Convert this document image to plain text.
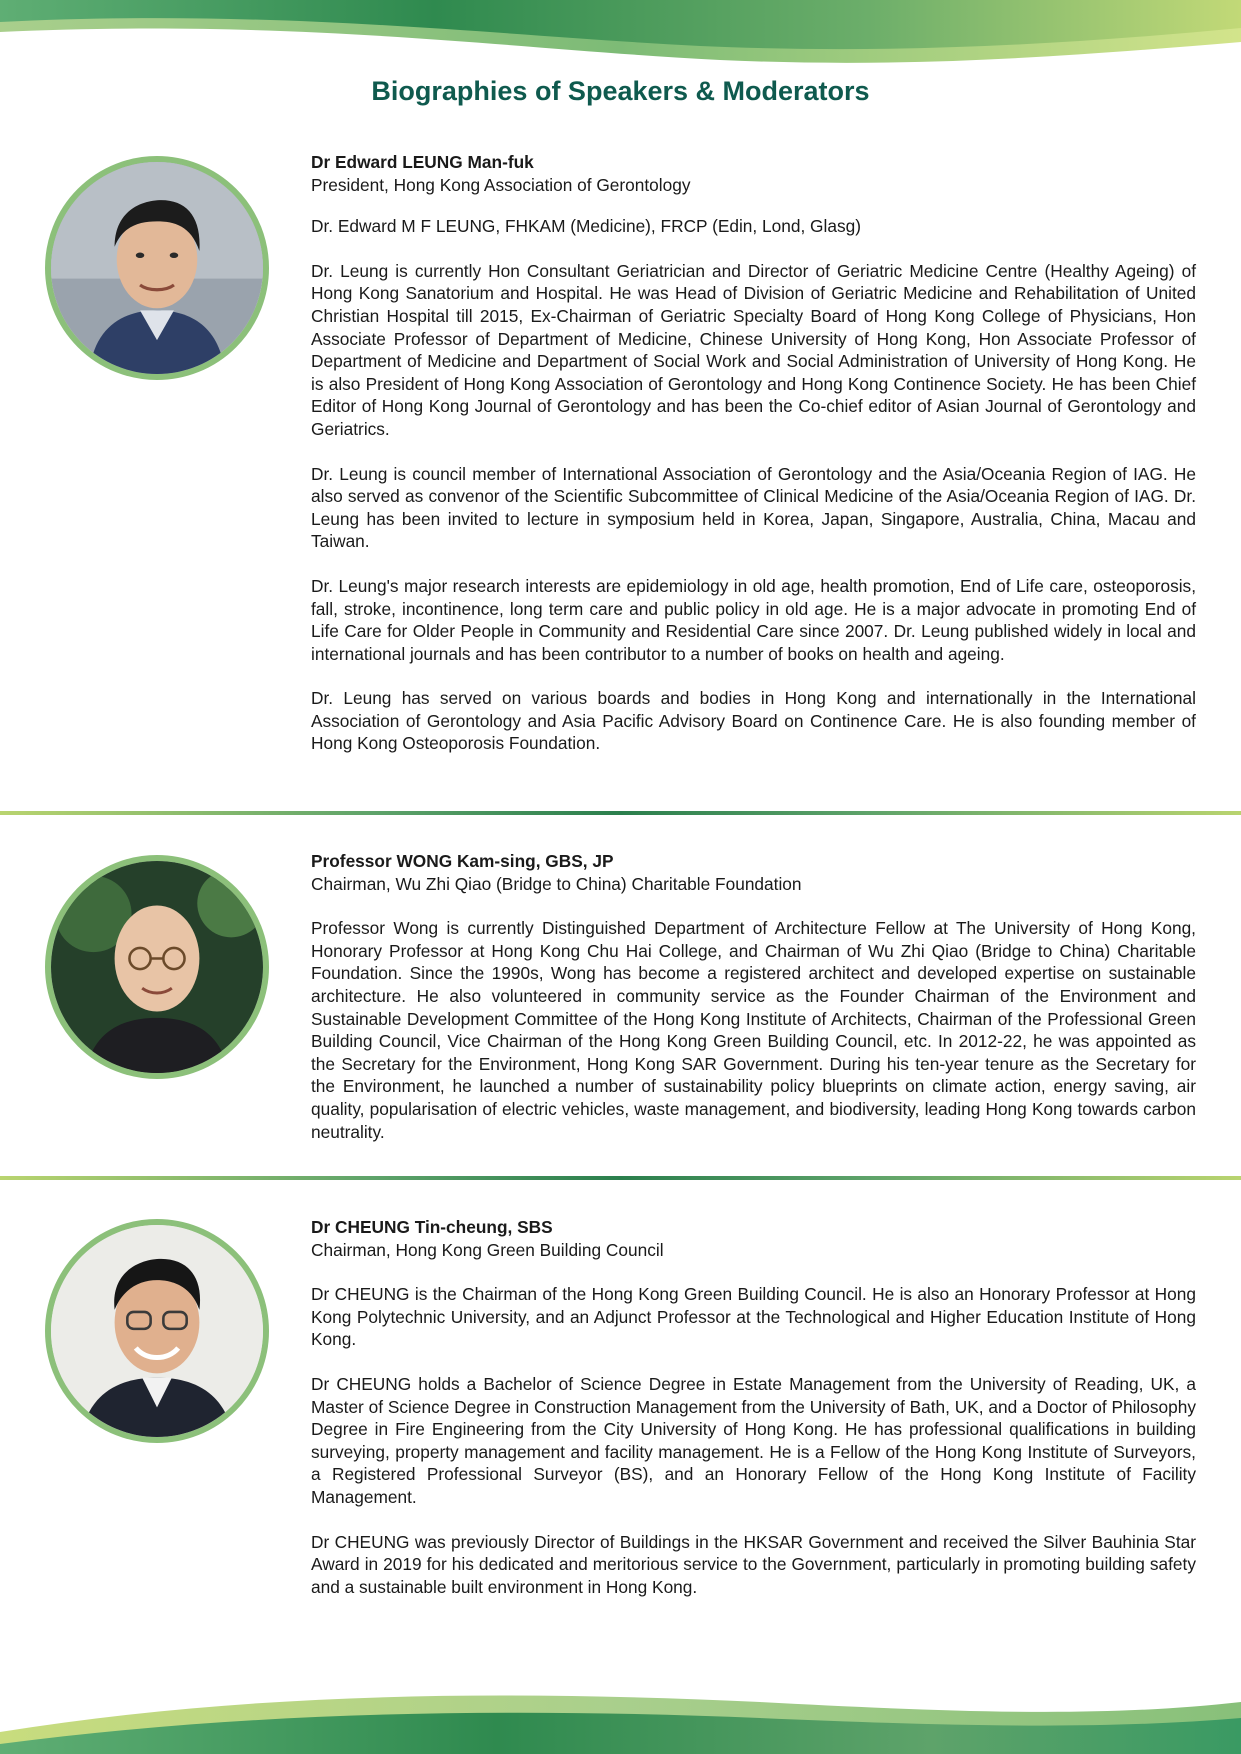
Biographies of Speakers & Moderators

Dr Edward LEUNG Man-fuk

President, Hong Kong Association of Gerontology

Dr. Edward M F LEUNG, FHKAM (Medicine), FRCP (Edin, Lond, Glasg)

Dr. Leung is currently Hon Consultant Geriatrician and Director of Geriatric Medicine Centre (Healthy Ageing) of Hong Kong Sanatorium and Hospital. He was Head of Division of Geriatric Medicine and Rehabilitation of United Christian Hospital till 2015, Ex-Chairman of Geriatric Specialty Board of Hong Kong College of Physicians, Hon Associate Professor of Department of Medicine, Chinese University of Hong Kong, Hon Associate Professor of Department of Medicine and Department of Social Work and Social Administration of University of Hong Kong. He is also President of Hong Kong Association of Gerontology and Hong Kong Continence Society. He has been Chief Editor of Hong Kong Journal of Gerontology and has been the Co-chief editor of Asian Journal of Gerontology and Geriatrics.

Dr. Leung is council member of International Association of Gerontology and the Asia/Oceania Region of IAG. He also served as convenor of the Scientific Subcommittee of Clinical Medicine of the Asia/Oceania Region of IAG. Dr. Leung has been invited to lecture in symposium held in Korea, Japan, Singapore, Australia, China, Macau and Taiwan.

Dr. Leung's major research interests are epidemiology in old age, health promotion, End of Life care, osteoporosis, fall, stroke, incontinence, long term care and public policy in old age. He is a major advocate in promoting End of Life Care for Older People in Community and Residential Care since 2007. Dr. Leung published widely in local and international journals and has been contributor to a number of books on health and ageing.

Dr. Leung has served on various boards and bodies in Hong Kong and internationally in the International Association of Gerontology and Asia Pacific Advisory Board on Continence Care. He is also founding member of Hong Kong Osteoporosis Foundation.

Professor WONG Kam-sing, GBS, JP

Chairman, Wu Zhi Qiao (Bridge to China) Charitable Foundation

Professor Wong is currently Distinguished Department of Architecture Fellow at The University of Hong Kong, Honorary Professor at Hong Kong Chu Hai College, and Chairman of Wu Zhi Qiao (Bridge to China) Charitable Foundation. Since the 1990s, Wong has become a registered architect and developed expertise on sustainable architecture. He also volunteered in community service as the Founder Chairman of the Environment and Sustainable Development Committee of the Hong Kong Institute of Architects, Chairman of the Professional Green Building Council, Vice Chairman of the Hong Kong Green Building Council, etc. In 2012-22, he was appointed as the Secretary for the Environment, Hong Kong SAR Government. During his ten-year tenure as the Secretary for the Environment, he launched a number of sustainability policy blueprints on climate action, energy saving, air quality, popularisation of electric vehicles, waste management, and biodiversity, leading Hong Kong towards carbon neutrality.

Dr CHEUNG Tin-cheung, SBS

Chairman, Hong Kong Green Building Council

Dr CHEUNG is the Chairman of the Hong Kong Green Building Council. He is also an Honorary Professor at Hong Kong Polytechnic University, and an Adjunct Professor at the Technological and Higher Education Institute of Hong Kong.

Dr CHEUNG holds a Bachelor of Science Degree in Estate Management from the University of Reading, UK, a Master of Science Degree in Construction Management from the University of Bath, UK, and a Doctor of Philosophy Degree in Fire Engineering from the City University of Hong Kong. He has professional qualifications in building surveying, property management and facility management. He is a Fellow of the Hong Kong Institute of Surveyors, a Registered Professional Surveyor (BS), and an Honorary Fellow of the Hong Kong Institute of Facility Management.

Dr CHEUNG was previously Director of Buildings in the HKSAR Government and received the Silver Bauhinia Star Award in 2019 for his dedicated and meritorious service to the Government, particularly in promoting building safety and a sustainable built environment in Hong Kong.
